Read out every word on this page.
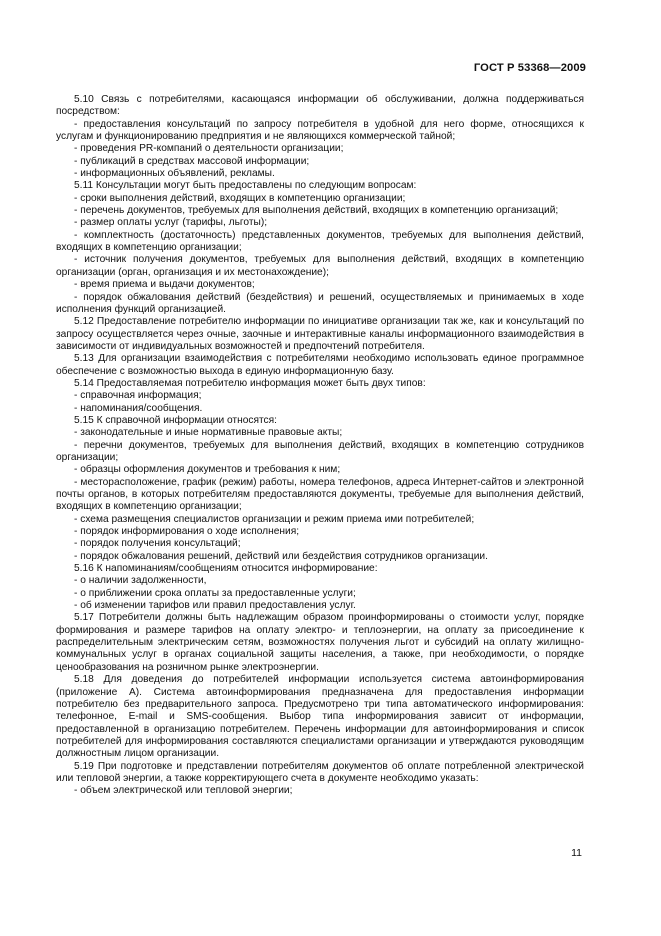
ГОСТ Р 53368—2009

5.10 Связь с потребителями, касающаяся информации об обслуживании, должна поддерживаться посредством:

- предоставления консультаций по запросу потребителя в удобной для него форме, относящихся к услугам и функционированию предприятия и не являющихся коммерческой тайной;

- проведения PR-компаний о деятельности организации;

- публикаций в средствах массовой информации;

- информационных объявлений, рекламы.

5.11 Консультации могут быть предоставлены по следующим вопросам:

- сроки выполнения действий, входящих в компетенцию организации;

- перечень документов, требуемых для выполнения действий, входящих в компетенцию организаций;

- размер оплаты услуг (тарифы, льготы);

- комплектность (достаточность) представленных документов, требуемых для выполнения действий, входящих в компетенцию организации;

- источник получения документов, требуемых для выполнения действий, входящих в компетенцию организации (орган, организация и их местонахождение);

- время приема и выдачи документов;

- порядок обжалования действий (бездействия) и решений, осуществляемых и принимаемых в ходе исполнения функций организацией.

5.12 Предоставление потребителю информации по инициативе организации так же, как и консультаций по запросу осуществляется через очные, заочные и интерактивные каналы информационного взаимодействия в зависимости от индивидуальных возможностей и предпочтений потребителя.

5.13 Для организации взаимодействия с потребителями необходимо использовать единое программное обеспечение с возможностью выхода в единую информационную базу.

5.14 Предоставляемая потребителю информация может быть двух типов:

- справочная информация;

- напоминания/сообщения.

5.15 К справочной информации относятся:

- законодательные и иные нормативные правовые акты;

- перечни документов, требуемых для выполнения действий, входящих в компетенцию сотрудников организации;

- образцы оформления документов и требования к ним;

- месторасположение, график (режим) работы, номера телефонов, адреса Интернет-сайтов и электронной почты органов, в которых потребителям предоставляются документы, требуемые для выполнения действий, входящих в компетенцию организации;

- схема размещения специалистов организации и режим приема ими потребителей;

- порядок информирования о ходе исполнения;

- порядок получения консультаций;

- порядок обжалования решений, действий или бездействия сотрудников организации.

5.16 К напоминаниям/сообщениям относится информирование:

- о наличии задолженности,

- о приближении срока оплаты за предоставленные услуги;

- об изменении тарифов или правил предоставления услуг.

5.17 Потребители должны быть надлежащим образом проинформированы о стоимости услуг, порядке формирования и размере тарифов на оплату электро- и теплоэнергии, на оплату за присоединение к распределительным электрическим сетям, возможностях получения льгот и субсидий на оплату жилищно-коммунальных услуг в органах социальной защиты населения, а также, при необходимости, о порядке ценообразования на розничном рынке электроэнергии.

5.18 Для доведения до потребителей информации используется система автоинформирования (приложение А). Система автоинформирования предназначена для предоставления информации потребителю без предварительного запроса. Предусмотрено три типа автоматического информирования: телефонное, E-mail и SMS-сообщения. Выбор типа информирования зависит от информации, предоставленной в организацию потребителем. Перечень информации для автоинформирования и список потребителей для информирования составляются специалистами организации и утверждаются руководящим должностным лицом организации.

5.19 При подготовке и представлении потребителям документов об оплате потребленной электрической или тепловой энергии, а также корректирующего счета в документе необходимо указать:

- объем электрической или тепловой энергии;

11
